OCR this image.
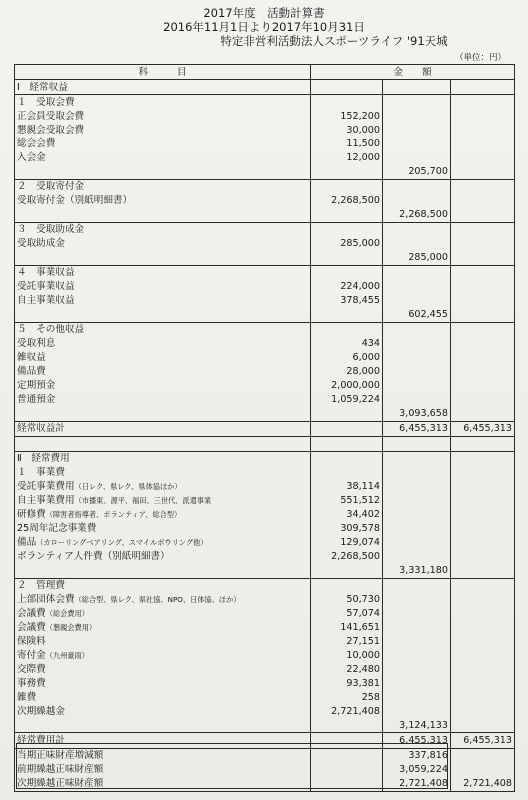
2017年度　活動計算書
2016年11月1日より2017年10月31日
特定非営利活動法人スポーツライフ '91天城
（単位：円）
科　　　目	金　　額		
Ⅰ　経常収益			
１　受取会費			
正会員受取会費	152,200		
懇親会受取会費	30,000		
総会会費	11,500		
入会金	12,000		
		205,700	
２　受取寄付金			
受取寄付金（別紙明細書）	2,268,500		
		2,268,500	
３　受取助成金			
受取助成金	285,000		
		285,000	
４　事業収益			
受託事業収益	224,000		
自主事業収益	378,455		
		602,455	
５　その他収益			
受取利息	434		
雑収益	6,000		
備品費	28,000		
定期預金	2,000,000		
普通預金	1,059,224		
		3,093,658	
経常収益計		6,455,313	6,455,313

Ⅱ　経常費用			
１　事業費			
受託事業費用（日レク、県レク、県体協ほか）	38,114		
自主事業費用（市播東、源平、福田、三世代、派遣事業	551,512		
研修費（障害者指導者、ボランティア、総合型）	34,402		
25周年記念事業費	309,578		
備品（カローリングベアリング、スマイルボウリング他）	129,074		
ボランティア人件費（別紙明細書）	2,268,500		
		3,331,180	
２　管理費			
上部団体会費（総合型、県レク、県社協、NPO、日体協、ほか）	50,730		
会議費（総会費用）	57,074		
会議費（懇親会費用）	141,651		
保険料	27,151		
寄付金（九州豪雨）	10,000		
交際費	22,480		
事務費	93,381		
雑費	258		
次期繰越金	2,721,408		
		3,124,133	
経常費用計		6,455,313	6,455,313
当期正味財産増減額		337,816	
前期繰越正味財産額		3,059,224	
次期繰越正味財産額		2,721,408	2,721,408
